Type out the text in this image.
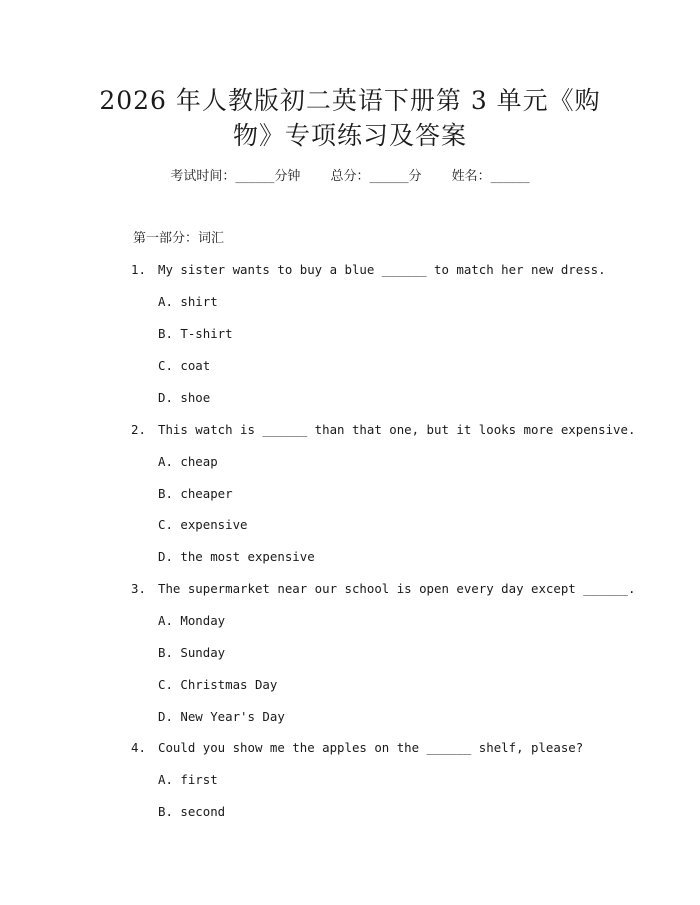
2026 年人教版初二英语下册第 3 单元《购
物》专项练习及答案
考试时间：______分钟 总分：______分 姓名：______
第一部分：词汇
1. My sister wants to buy a blue ______ to match her new dress.
A. shirt
B. T-shirt
C. coat
D. shoe
2. This watch is ______ than that one, but it looks more expensive.
A. cheap
B. cheaper
C. expensive
D. the most expensive
3. The supermarket near our school is open every day except ______.
A. Monday
B. Sunday
C. Christmas Day
D. New Year's Day
4. Could you show me the apples on the ______ shelf, please?
A. first
B. second
